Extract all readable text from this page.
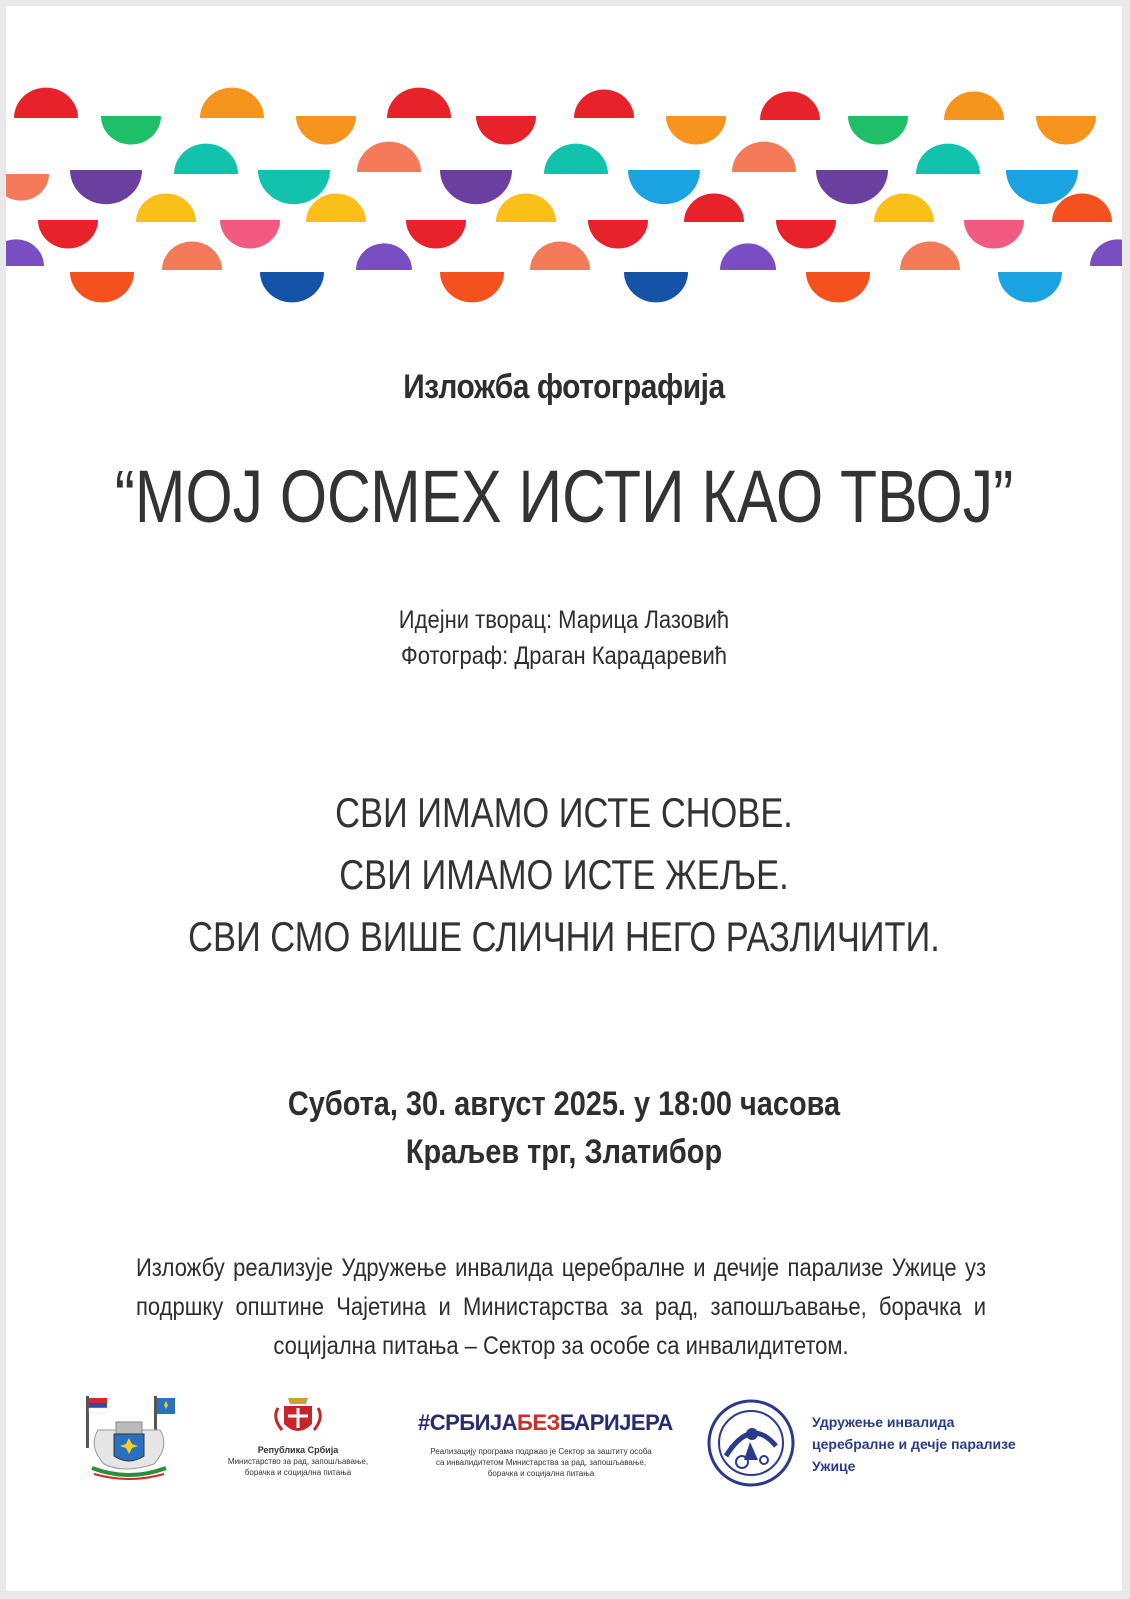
Изложба фотографија
“МОЈ ОСМЕХ ИСТИ КАО ТВОЈ”
Идејни творац: Марица Лазовић
Фотограф: Драган Карадаревић
СВИ ИМАМО ИСТЕ СНОВЕ.
СВИ ИМАМО ИСТЕ ЖЕЉЕ.
СВИ СМО ВИШЕ СЛИЧНИ НЕГО РАЗЛИЧИТИ.
Субота, 30. август 2025. у 18:00 часова
Краљев трг, Златибор
Изложбу реализује Удружење инвалида церебралне и дечије парализе Ужице уз подршку општине Чајетина и Министарства за рад, запошљавање, борачка и социјална питања – Сектор за особе са инвалидитетом.
Република Србија
Министарство за рад, запошљавање,
борачка и социјална питања
#СРБИЈАБЕЗБАРИЈЕРА
Реализацију програма подржао је Сектор за заштиту особа
са инвалидитетом Министарства за рад, запошљавање,
борачка и социјална питања
Удружење инвалида
церебралне и дечје парализе
Ужице
